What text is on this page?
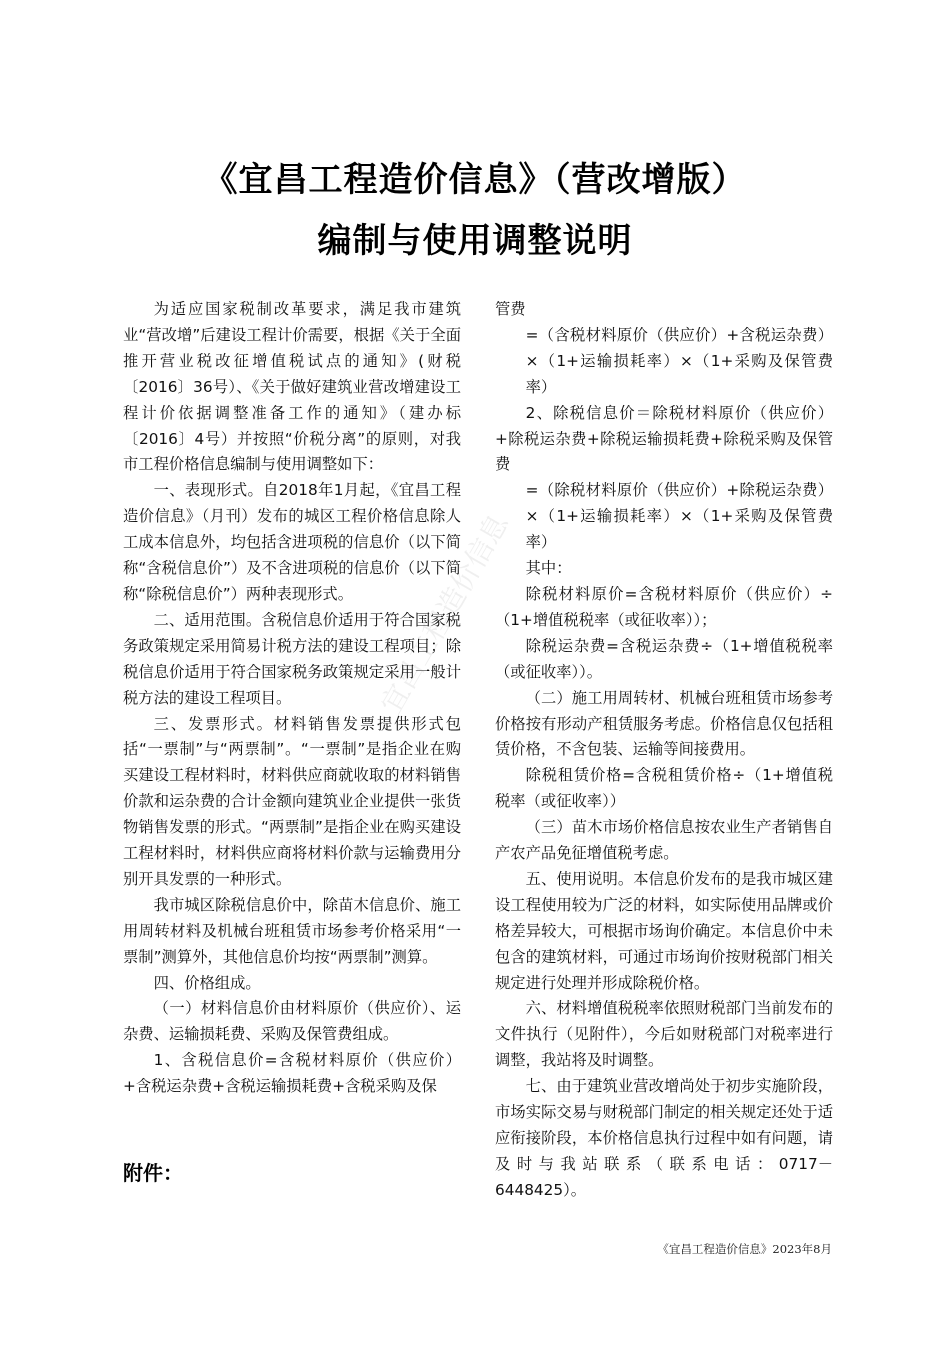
《宜昌工程造价信息》（营改增版）
编制与使用调整说明
宜昌工程造价信息

为适应国家税制改革要求，满足我市建筑业“营改增”后建设工程计价需要，根据《关于全面推开营业税改征增值税试点的通知》(财税〔2016〕36号）、《关于做好建筑业营改增建设工程计价依据调整准备工作的通知》（建办标〔2016〕4号）并按照“价税分离”的原则，对我市工程价格信息编制与使用调整如下：

一、表现形式。自2018年1月起，《宜昌工程造价信息》（月刊）发布的城区工程价格信息除人工成本信息外，均包括含进项税的信息价（以下简称“含税信息价”）及不含进项税的信息价（以下简称“除税信息价”）两种表现形式。

二、适用范围。含税信息价适用于符合国家税务政策规定采用简易计税方法的建设工程项目；除税信息价适用于符合国家税务政策规定采用一般计税方法的建设工程项目。

三、发票形式。材料销售发票提供形式包括“一票制”与“两票制”。“一票制”是指企业在购买建设工程材料时，材料供应商就收取的材料销售价款和运杂费的合计金额向建筑业企业提供一张货物销售发票的形式。“两票制”是指企业在购买建设工程材料时，材料供应商将材料价款与运输费用分别开具发票的一种形式。

我市城区除税信息价中，除苗木信息价、施工用周转材料及机械台班租赁市场参考价格采用“一票制”测算外，其他信息价均按“两票制”测算。

四、价格组成。

（一）材料信息价由材料原价（供应价）、运杂费、运输损耗费、采购及保管费组成。

1、含税信息价=含税材料原价（供应价）+含税运杂费+含税运输损耗费+含税采购及保

管费

=（含税材料原价（供应价）+含税运杂费）×（1+运输损耗率）×（1+采购及保管费率）

2、除税信息价＝除税材料原价（供应价）+除税运杂费+除税运输损耗费+除税采购及保管费

=（除税材料原价（供应价）+除税运杂费）×（1+运输损耗率）×（1+采购及保管费率）

其中：

除税材料原价=含税材料原价（供应价）÷（1+增值税税率（或征收率））；

除税运杂费=含税运杂费÷（1+增值税税率（或征收率））。

（二）施工用周转材、机械台班租赁市场参考价格按有形动产租赁服务考虑。价格信息仅包括租赁价格，不含包装、运输等间接费用。

除税租赁价格=含税租赁价格÷（1+增值税税率（或征收率））

（三）苗木市场价格信息按农业生产者销售自产农产品免征增值税考虑。

五、使用说明。本信息价发布的是我市城区建设工程使用较为广泛的材料，如实际使用品牌或价格差异较大，可根据市场询价确定。本信息价中未包含的建筑材料，可通过市场询价按财税部门相关规定进行处理并形成除税价格。

六、材料增值税税率依照财税部门当前发布的文件执行（见附件），今后如财税部门对税率进行调整，我站将及时调整。

七、由于建筑业营改增尚处于初步实施阶段，市场实际交易与财税部门制定的相关规定还处于适应衔接阶段，本价格信息执行过程中如有问题，请及时与我站联系（联系电话：0717－6448425）。

附件：
《宜昌工程造价信息》2023年8月
